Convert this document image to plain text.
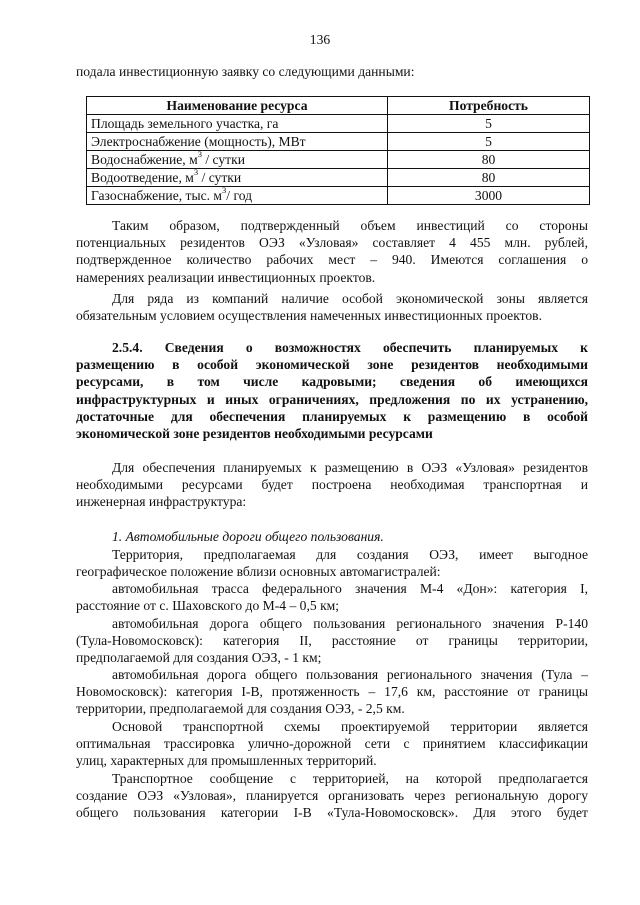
136
подала инвестиционную заявку со следующими данными:
Наименование ресурса	Потребность
Площадь земельного участка, га	5
Электроснабжение (мощность), МВт	5
Водоснабжение, $м^3$ / сутки	80
Водоотведение, $м^3$ / сутки	80
Газоснабжение, тыс. $м^3/$ год	3000
Таким образом, подтвержденный объем инвестиций со стороны
потенциальных резидентов ОЭЗ «Узловая» составляет 4 455 млн. рублей,
подтвержденное количество рабочих мест – 940. Имеются соглашения о
намерениях реализации инвестиционных проектов.
Для ряда из компаний наличие особой экономической зоны является
обязательным условием осуществления намеченных инвестиционных проектов.
2.5.4. Сведения о возможностях обеспечить планируемых к
размещению в особой экономической зоне резидентов необходимыми
ресурсами, в том числе кадровыми; сведения об имеющихся
инфраструктурных и иных ограничениях, предложения по их устранению,
достаточные для обеспечения планируемых к размещению в особой
экономической зоне резидентов необходимыми ресурсами
Для обеспечения планируемых к размещению в ОЭЗ «Узловая» резидентов
необходимыми ресурсами будет построена необходимая транспортная и
инженерная инфраструктура:
1. Автомобильные дороги общего пользования.
Территория, предполагаемая для создания ОЭЗ, имеет выгодное
географическое положение вблизи основных автомагистралей:
автомобильная трасса федерального значения М-4 «Дон»: категория I,
расстояние от с. Шаховского до М-4 – 0,5 км;
автомобильная дорога общего пользования регионального значения Р-140
(Тула-Новомосковск): категория II, расстояние от границы территории,
предполагаемой для создания ОЭЗ, - 1 км;
автомобильная дорога общего пользования регионального значения (Тула –
Новомосковск): категория I-В, протяженность – 17,6 км, расстояние от границы
территории, предполагаемой для создания ОЭЗ, - 2,5 км.
Основой транспортной схемы проектируемой территории является
оптимальная трассировка улично-дорожной сети с принятием классификации
улиц, характерных для промышленных территорий.
Транспортное сообщение с территорией, на которой предполагается
создание ОЭЗ «Узловая», планируется организовать через региональную дорогу
общего пользования категории I-В «Тула-Новомосковск». Для этого будет
